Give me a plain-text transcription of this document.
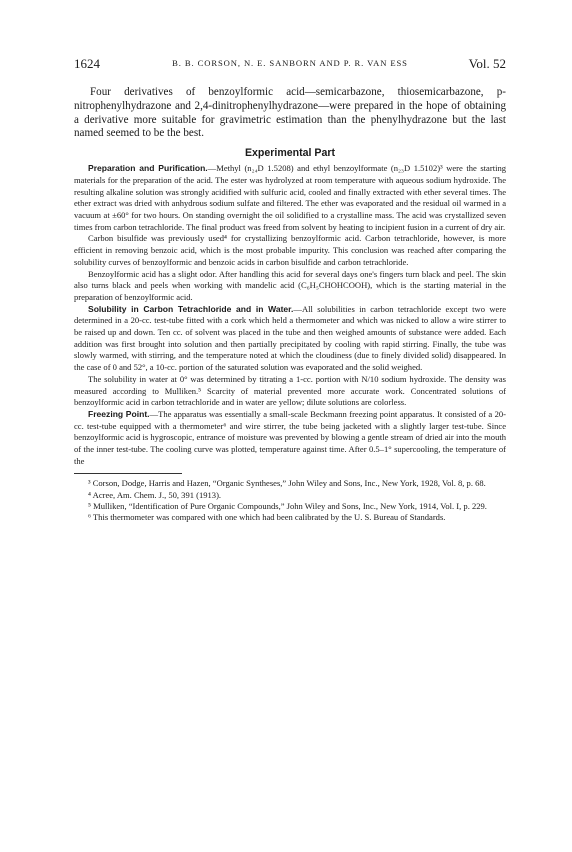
1624	B. B. CORSON, N. E. SANBORN AND P. R. VAN ESS	Vol. 52

Four derivatives of benzoylformic acid—semicarbazone, thiosemicarbazone, p-nitrophenylhydrazone and 2,4-dinitrophenylhydrazone—were prepared in the hope of obtaining a derivative more suitable for gravimetric estimation than the phenylhydrazone but the last named seemed to be the best.

Experimental Part

Preparation and Purification.—Methyl (n₂₄D 1.5208) and ethyl benzoylformate (n₂₃D 1.5102)³ were the starting materials for the preparation of the acid. The ester was hydrolyzed at room temperature with aqueous sodium hydroxide. The resulting alkaline solution was strongly acidified with sulfuric acid, cooled and finally extracted with ether several times. The ether extract was dried with anhydrous sodium sulfate and filtered. The ether was evaporated and the residual oil warmed in a vacuum at ±60° for two hours. On standing overnight the oil solidified to a crystalline mass. The acid was crystallized seven times from carbon tetrachloride. The final product was freed from solvent by heating to incipient fusion in a current of dry air.

Carbon bisulfide was previously used⁴ for crystallizing benzoylformic acid. Carbon tetrachloride, however, is more efficient in removing benzoic acid, which is the most probable impurity. This conclusion was reached after comparing the solubility curves of benzoylformic and benzoic acids in carbon bisulfide and carbon tetrachloride.

Benzoylformic acid has a slight odor. After handling this acid for several days one's fingers turn black and peel. The skin also turns black and peels when working with mandelic acid (C₆H₅CHOHCOOH), which is the starting material in the preparation of benzoylformic acid.

Solubility in Carbon Tetrachloride and in Water.—All solubilities in carbon tetrachloride except two were determined in a 20-cc. test-tube fitted with a cork which held a thermometer and which was nicked to allow a wire stirrer to be raised up and down. Ten cc. of solvent was placed in the tube and then weighed amounts of substance were added. Each addition was first brought into solution and then partially precipitated by cooling with rapid stirring. Finally, the tube was slowly warmed, with stirring, and the temperature noted at which the cloudiness (due to finely divided solid) disappeared. In the case of 0 and 52°, a 10-cc. portion of the saturated solution was evaporated and the solid weighed.

The solubility in water at 0° was determined by titrating a 1-cc. portion with N/10 sodium hydroxide. The density was measured according to Mulliken.⁵ Scarcity of material prevented more accurate work. Concentrated solutions of benzoylformic acid in carbon tetrachloride and in water are yellow; dilute solutions are colorless.

Freezing Point.—The apparatus was essentially a small-scale Beckmann freezing point apparatus. It consisted of a 20-cc. test-tube equipped with a thermometer⁶ and wire stirrer, the tube being jacketed with a slightly larger test-tube. Since benzoylformic acid is hygroscopic, entrance of moisture was prevented by blowing a gentle stream of dried air into the mouth of the inner test-tube. The cooling curve was plotted, temperature against time. After 0.5–1° supercooling, the temperature of the

³ Corson, Dodge, Harris and Hazen, “Organic Syntheses,” John Wiley and Sons, Inc., New York, 1928, Vol. 8, p. 68.

⁴ Acree, Am. Chem. J., 50, 391 (1913).

⁵ Mulliken, “Identification of Pure Organic Compounds,” John Wiley and Sons, Inc., New York, 1914, Vol. I, p. 229.

⁶ This thermometer was compared with one which had been calibrated by the U. S. Bureau of Standards.
